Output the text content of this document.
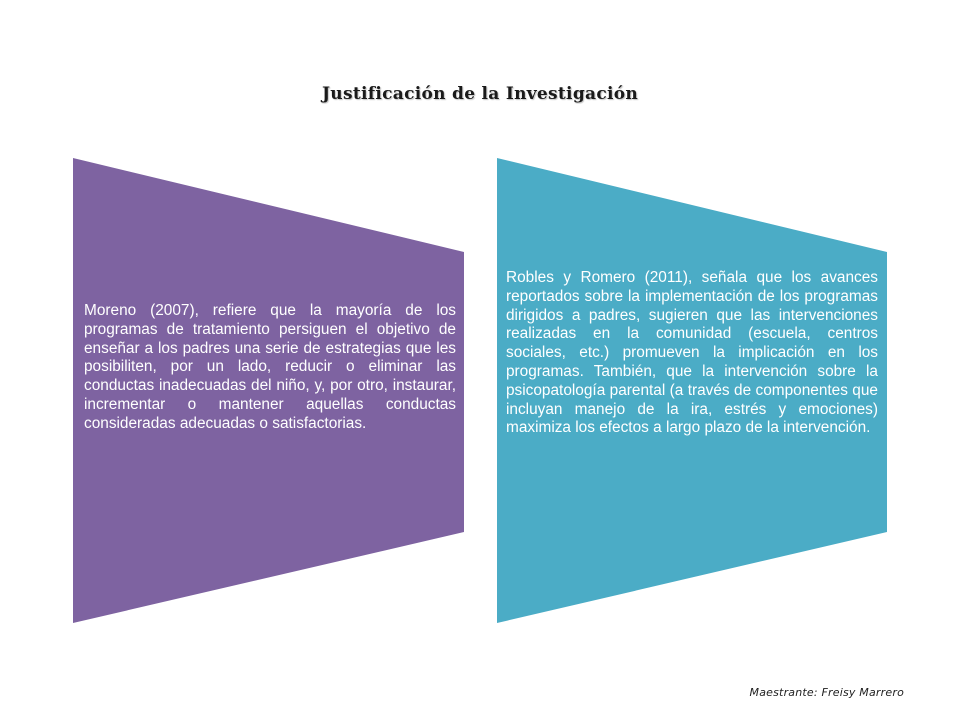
Justificación de la Investigación
Moreno (2007), refiere que la mayoría de los programas de tratamiento persiguen el objetivo de enseñar a los padres una serie de estrategias que les posibiliten, por un lado, reducir o eliminar las conductas inadecuadas del niño, y, por otro, instaurar, incrementar o mantener aquellas conductas consideradas adecuadas o satisfactorias.
Robles y Romero (2011), señala que los avances reportados sobre la implementación de los programas dirigidos a padres, sugieren que las intervenciones realizadas en la comunidad (escuela, centros sociales, etc.) promueven la implicación en los programas. También, que la intervención sobre la psicopatología parental (a través de componentes que incluyan manejo de la ira, estrés y emociones) maximiza los efectos a largo plazo de la intervención.
Maestrante: Freisy Marrero
